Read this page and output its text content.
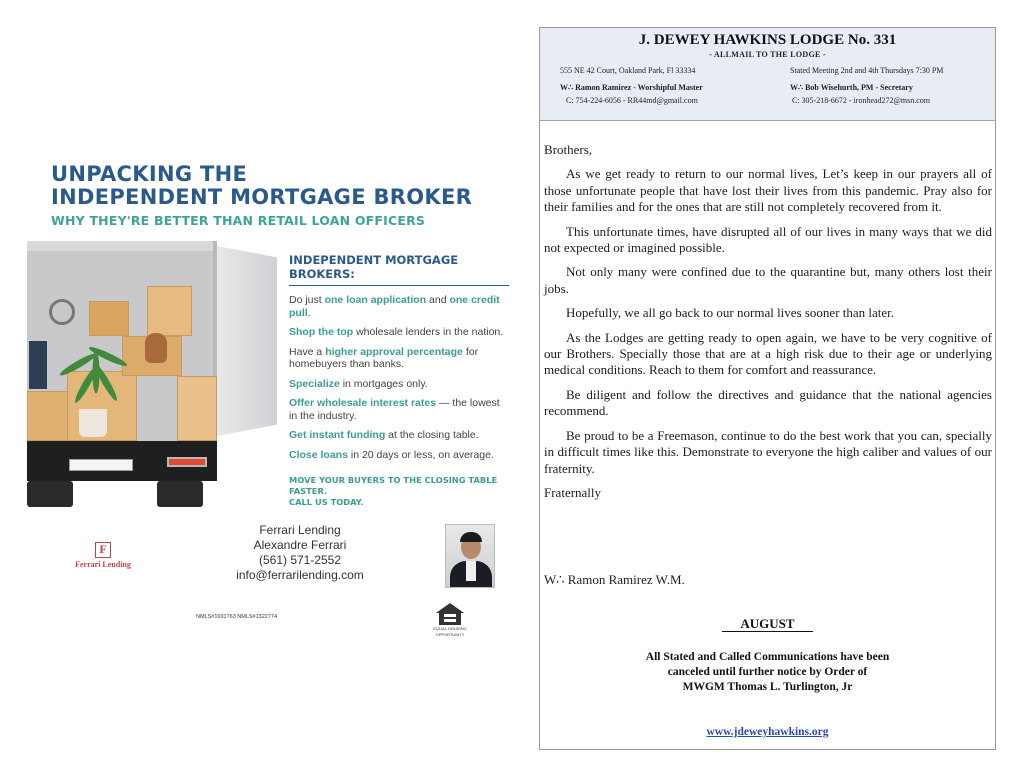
UNPACKING THE
INDEPENDENT MORTGAGE BROKER
WHY THEY'RE BETTER THAN RETAIL LOAN OFFICERS
INDEPENDENT MORTGAGE BROKERS:
Do just one loan application and one credit pull.
Shop the top wholesale lenders in the nation.
Have a higher approval percentage for homebuyers than banks.
Specialize in mortgages only.
Offer wholesale interest rates — the lowest in the industry.
Get instant funding at the closing table.
Close loans in 20 days or less, on average.
MOVE YOUR BUYERS TO THE CLOSING TABLE FASTER.
CALL US TODAY.
F
Ferrari Lending
Ferrari Lending
Alexandre Ferrari
(561) 571-2552
info@ferrarilending.com
NMLS#1691763 NMLS#1322774
EQUAL HOUSING
OPPORTUNITY
J. DEWEY HAWKINS LODGE No. 331
- ALLMAIL TO THE LODGE -
555 NE 42 Court, Oakland Park, Fl 33334	Stated Meeting 2nd and 4th Thursdays 7:30 PM
W∴ Ramon Ramirez - Worshipful Master	W∴ Bob Wisehurth, PM - Secretary
C: 754-224-6056 - RR44md@gmail.com	C: 305-218-6672 - ironhead272@msn.com

Brothers,

As we get ready to return to our normal lives, Let’s keep in our prayers all of those unfortunate people that have lost their lives from this pandemic. Pray also for their families and for the ones that are still not completely recovered from it.

This unfortunate times, have disrupted all of our lives in many ways that we did not expected or imagined possible.

Not only many were confined due to the quarantine but, many others lost their jobs.

Hopefully, we all go back to our normal lives sooner than later.

As the Lodges are getting ready to open again, we have to be very cognitive of our Brothers. Specially those that are at a high risk due to their age or underlying medical conditions. Reach to them for comfort and reassurance.

Be diligent and follow the directives and guidance that the national agencies recommend.

Be proud to be a Freemason, continue to do the best work that you can, specially in difficult times like this. Demonstrate to everyone the high caliber and values of our fraternity.

Fraternally

W∴ Ramon Ramirez W.M.
AUGUST
All Stated and Called Communications have been
canceled until further notice by Order of
MWGM Thomas L. Turlington, Jr
www.jdeweyhawkins.org
